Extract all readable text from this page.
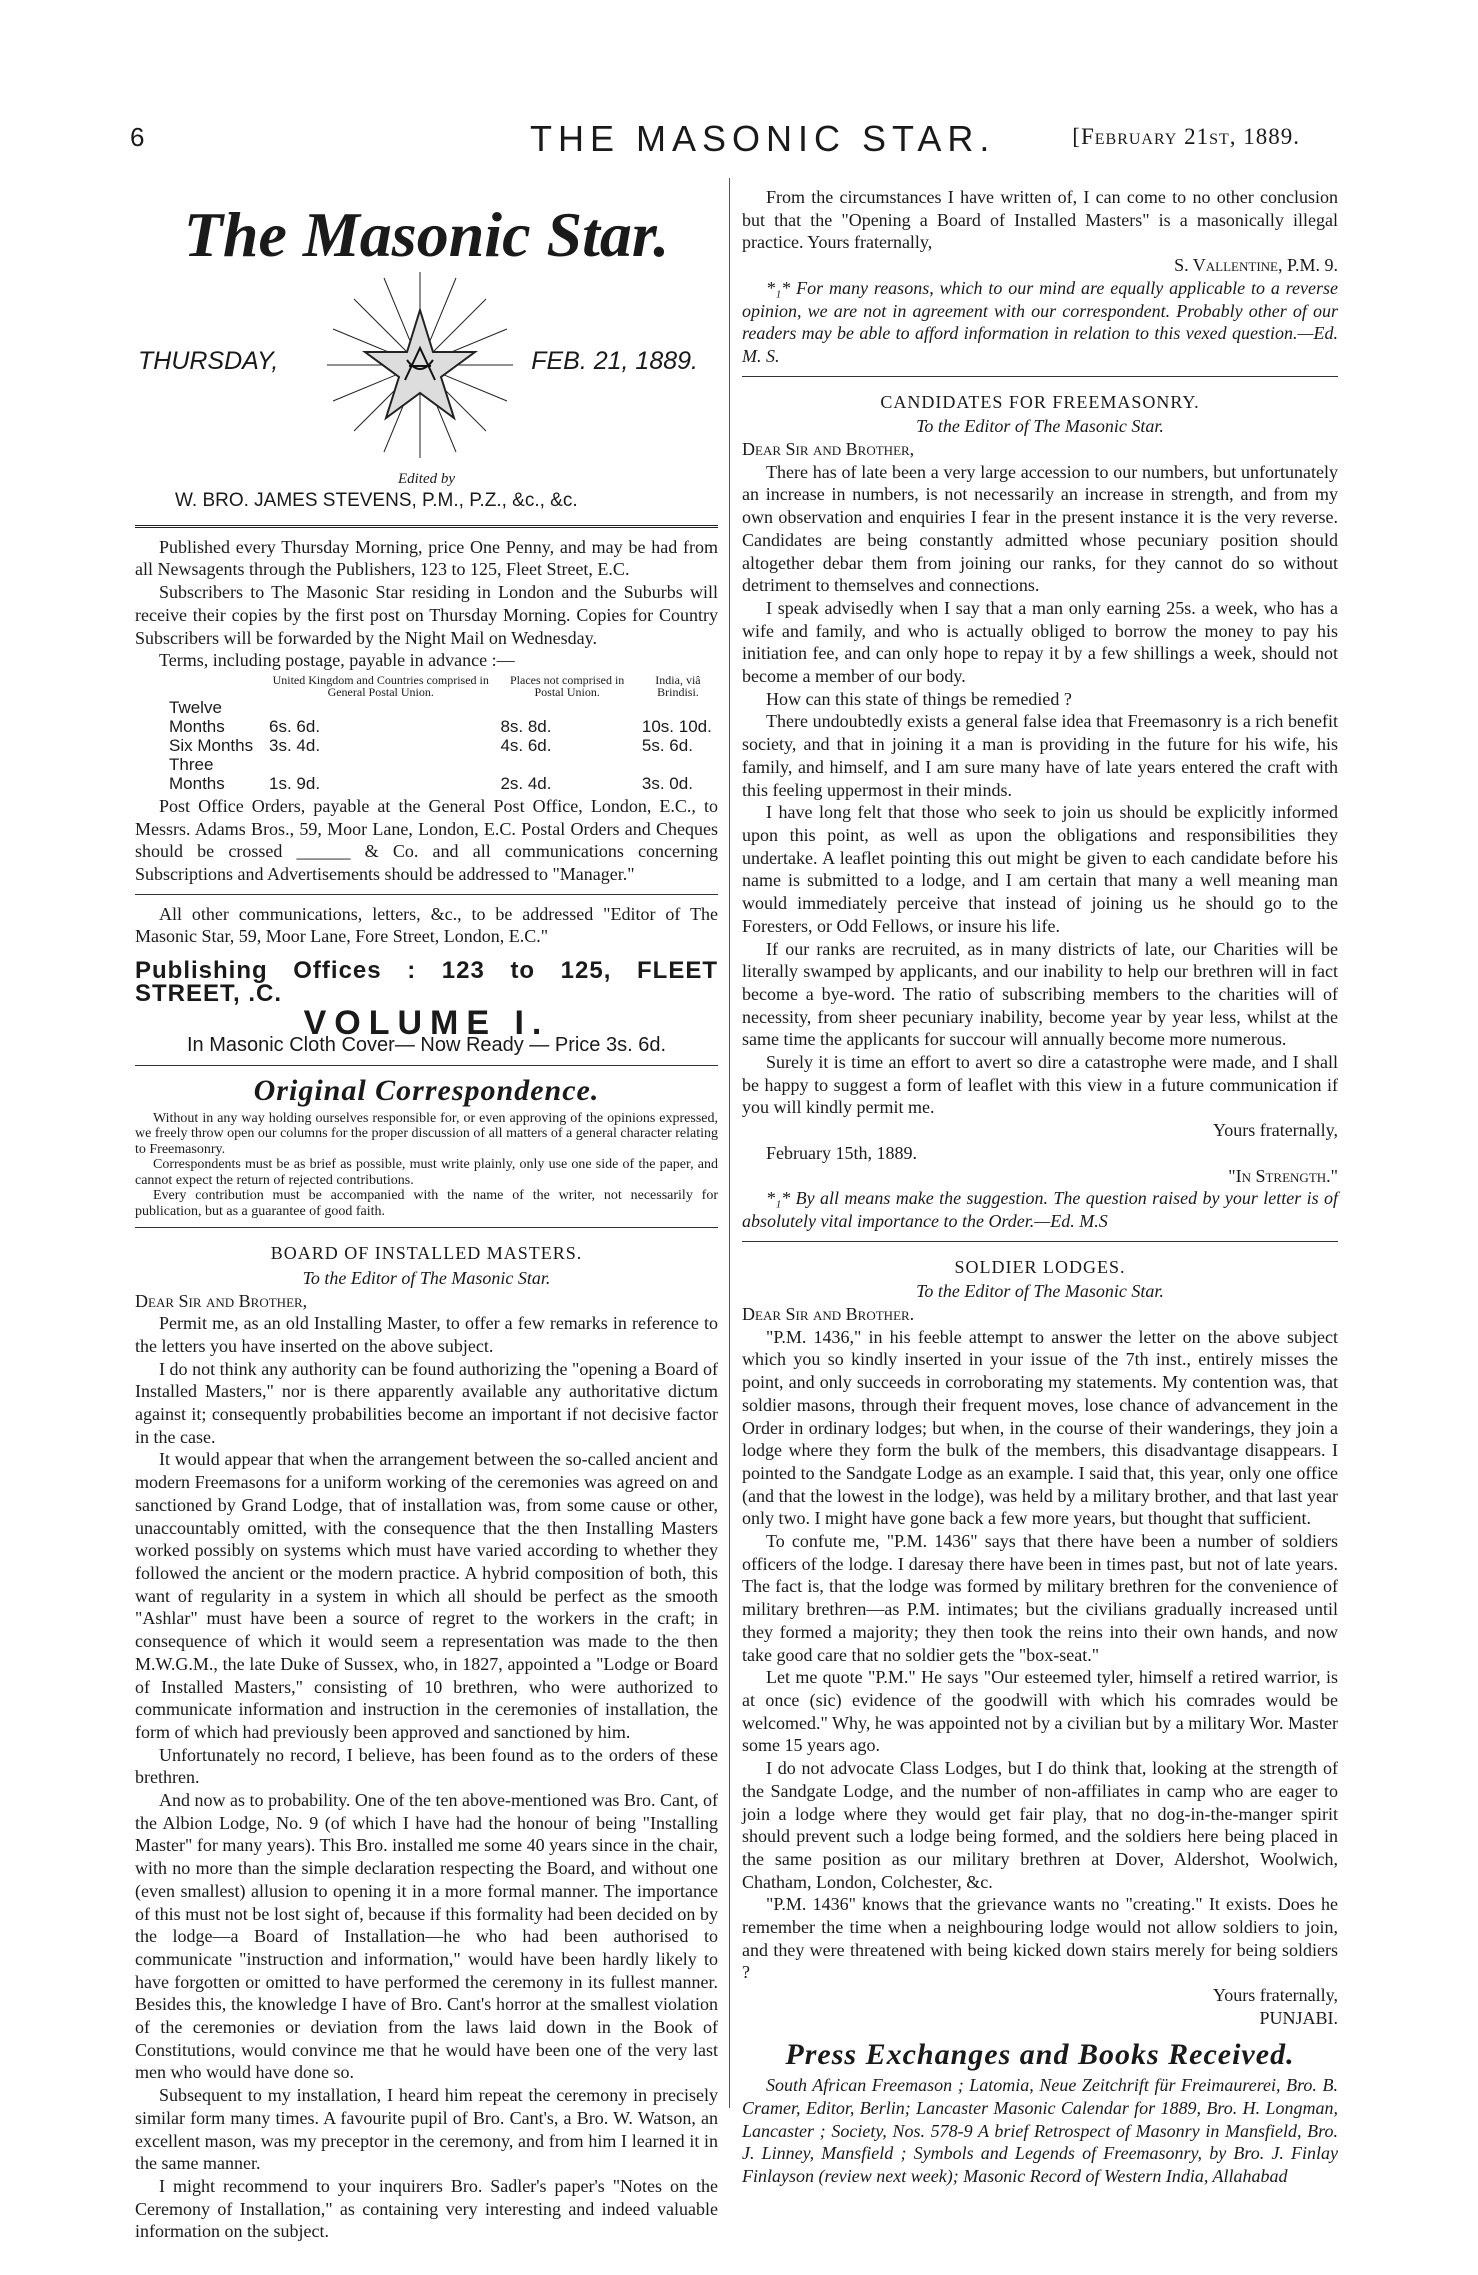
6	THE MASONIC STAR.	[February 21st, 1889.
The Masonic Star.
THURSDAY,	FEB. 21, 1889.
Edited by
W. BRO. JAMES STEVENS, P.M., P.Z., &c., &c.

Published every Thursday Morning, price One Penny, and may be had from all Newsagents through the Publishers, 123 to 125, Fleet Street, E.C.

Subscribers to The Masonic Star residing in London and the Suburbs will receive their copies by the first post on Thursday Morning. Copies for Country Subscribers will be forwarded by the Night Mail on Wednesday.

Terms, including postage, payable in advance :—

	United Kingdom and Countries comprised in General Postal Union.	Places not comprised in Postal Union.	India, viâ Brindisi.
Twelve Months	6s. 6d.	8s. 8d.	10s. 10d.
Six Months	3s. 4d.	4s. 6d.	5s. 6d.
Three Months	1s. 9d.	2s. 4d.	3s. 0d.

Post Office Orders, payable at the General Post Office, London, E.C., to Messrs. Adams Bros., 59, Moor Lane, London, E.C. Postal Orders and Cheques should be crossed ______ & Co. and all communications concerning Subscriptions and Advertisements should be addressed to "Manager."

All other communications, letters, &c., to be addressed "Editor of The Masonic Star, 59, Moor Lane, Fore Street, London, E.C."

Publishing Offices : 123 to 125, FLEET STREET, .C.
VOLUME I.
In Masonic Cloth Cover— Now Ready — Price 3s. 6d.
Original Correspondence.

Without in any way holding ourselves responsible for, or even approving of the opinions expressed, we freely throw open our columns for the proper discussion of all matters of a general character relating to Freemasonry.

Correspondents must be as brief as possible, must write plainly, only use one side of the paper, and cannot expect the return of rejected contributions.

Every contribution must be accompanied with the name of the writer, not necessarily for publication, but as a guarantee of good faith.

BOARD OF INSTALLED MASTERS.

To the Editor of The Masonic Star.

Dear Sir and Brother,

Permit me, as an old Installing Master, to offer a few remarks in reference to the letters you have inserted on the above subject.

I do not think any authority can be found authorizing the "opening a Board of Installed Masters," nor is there apparently available any authoritative dictum against it; consequently probabilities become an important if not decisive factor in the case.

It would appear that when the arrangement between the so-called ancient and modern Freemasons for a uniform working of the ceremonies was agreed on and sanctioned by Grand Lodge, that of installation was, from some cause or other, unaccountably omitted, with the consequence that the then Installing Masters worked possibly on systems which must have varied according to whether they followed the ancient or the modern practice. A hybrid composition of both, this want of regularity in a system in which all should be perfect as the smooth "Ashlar" must have been a source of regret to the workers in the craft; in consequence of which it would seem a representation was made to the then M.W.G.M., the late Duke of Sussex, who, in 1827, appointed a "Lodge or Board of Installed Masters," consisting of 10 brethren, who were authorized to communicate information and instruction in the ceremonies of installation, the form of which had previously been approved and sanctioned by him.

Unfortunately no record, I believe, has been found as to the orders of these brethren.

And now as to probability. One of the ten above-mentioned was Bro. Cant, of the Albion Lodge, No. 9 (of which I have had the honour of being "Installing Master" for many years). This Bro. installed me some 40 years since in the chair, with no more than the simple declaration respecting the Board, and without one (even smallest) allusion to opening it in a more formal manner. The importance of this must not be lost sight of, because if this formality had been decided on by the lodge—a Board of Installation—he who had been authorised to communicate "instruction and information," would have been hardly likely to have forgotten or omitted to have performed the ceremony in its fullest manner. Besides this, the knowledge I have of Bro. Cant's horror at the smallest violation of the ceremonies or deviation from the laws laid down in the Book of Constitutions, would convince me that he would have been one of the very last men who would have done so.

Subsequent to my installation, I heard him repeat the ceremony in precisely similar form many times. A favourite pupil of Bro. Cant's, a Bro. W. Watson, an excellent mason, was my preceptor in the ceremony, and from him I learned it in the same manner.

I might recommend to your inquirers Bro. Sadler's paper's "Notes on the Ceremony of Installation," as containing very interesting and indeed valuable information on the subject.

From the circumstances I have written of, I can come to no other conclusion but that the "Opening a Board of Installed Masters" is a masonically illegal practice. Yours fraternally,

S. Vallentine, P.M. 9.

*₁* For many reasons, which to our mind are equally applicable to a reverse opinion, we are not in agreement with our correspondent. Probably other of our readers may be able to afford information in relation to this vexed question.—Ed. M. S.

CANDIDATES FOR FREEMASONRY.

To the Editor of The Masonic Star.

Dear Sir and Brother,

There has of late been a very large accession to our numbers, but unfortunately an increase in numbers, is not necessarily an increase in strength, and from my own observation and enquiries I fear in the present instance it is the very reverse. Candidates are being constantly admitted whose pecuniary position should altogether debar them from joining our ranks, for they cannot do so without detriment to themselves and connections.

I speak advisedly when I say that a man only earning 25s. a week, who has a wife and family, and who is actually obliged to borrow the money to pay his initiation fee, and can only hope to repay it by a few shillings a week, should not become a member of our body.

How can this state of things be remedied ?

There undoubtedly exists a general false idea that Freemasonry is a rich benefit society, and that in joining it a man is providing in the future for his wife, his family, and himself, and I am sure many have of late years entered the craft with this feeling uppermost in their minds.

I have long felt that those who seek to join us should be explicitly informed upon this point, as well as upon the obligations and responsibilities they undertake. A leaflet pointing this out might be given to each candidate before his name is submitted to a lodge, and I am certain that many a well meaning man would immediately perceive that instead of joining us he should go to the Foresters, or Odd Fellows, or insure his life.

If our ranks are recruited, as in many districts of late, our Charities will be literally swamped by applicants, and our inability to help our brethren will in fact become a bye-word. The ratio of subscribing members to the charities will of necessity, from sheer pecuniary inability, become year by year less, whilst at the same time the applicants for succour will annually become more numerous.

Surely it is time an effort to avert so dire a catastrophe were made, and I shall be happy to suggest a form of leaflet with this view in a future communication if you will kindly permit me.

Yours fraternally,

February 15th, 1889.

"In Strength."

*₁* By all means make the suggestion. The question raised by your letter is of absolutely vital importance to the Order.—Ed. M.S

SOLDIER LODGES.

To the Editor of The Masonic Star.

Dear Sir and Brother.

"P.M. 1436," in his feeble attempt to answer the letter on the above subject which you so kindly inserted in your issue of the 7th inst., entirely misses the point, and only succeeds in corroborating my statements. My contention was, that soldier masons, through their frequent moves, lose chance of advancement in the Order in ordinary lodges; but when, in the course of their wanderings, they join a lodge where they form the bulk of the members, this disadvantage disappears. I pointed to the Sandgate Lodge as an example. I said that, this year, only one office (and that the lowest in the lodge), was held by a military brother, and that last year only two. I might have gone back a few more years, but thought that sufficient.

To confute me, "P.M. 1436" says that there have been a number of soldiers officers of the lodge. I daresay there have been in times past, but not of late years. The fact is, that the lodge was formed by military brethren for the convenience of military brethren—as P.M. intimates; but the civilians gradually increased until they formed a majority; they then took the reins into their own hands, and now take good care that no soldier gets the "box-seat."

Let me quote "P.M." He says "Our esteemed tyler, himself a retired warrior, is at once (sic) evidence of the goodwill with which his comrades would be welcomed." Why, he was appointed not by a civilian but by a military Wor. Master some 15 years ago.

I do not advocate Class Lodges, but I do think that, looking at the strength of the Sandgate Lodge, and the number of non-affiliates in camp who are eager to join a lodge where they would get fair play, that no dog-in-the-manger spirit should prevent such a lodge being formed, and the soldiers here being placed in the same position as our military brethren at Dover, Aldershot, Woolwich, Chatham, London, Colchester, &c.

"P.M. 1436" knows that the grievance wants no "creating." It exists. Does he remember the time when a neighbouring lodge would not allow soldiers to join, and they were threatened with being kicked down stairs merely for being soldiers ?

Yours fraternally,

PUNJABI.

Press Exchanges and Books Received.

South African Freemason ; Latomia, Neue Zeitchrift für Freimaurerei, Bro. B. Cramer, Editor, Berlin; Lancaster Masonic Calendar for 1889, Bro. H. Longman, Lancaster ; Society, Nos. 578-9 A brief Retrospect of Masonry in Mansfield, Bro. J. Linney, Mansfield ; Symbols and Legends of Freemasonry, by Bro. J. Finlay Finlayson (review next week); Masonic Record of Western India, Allahabad
